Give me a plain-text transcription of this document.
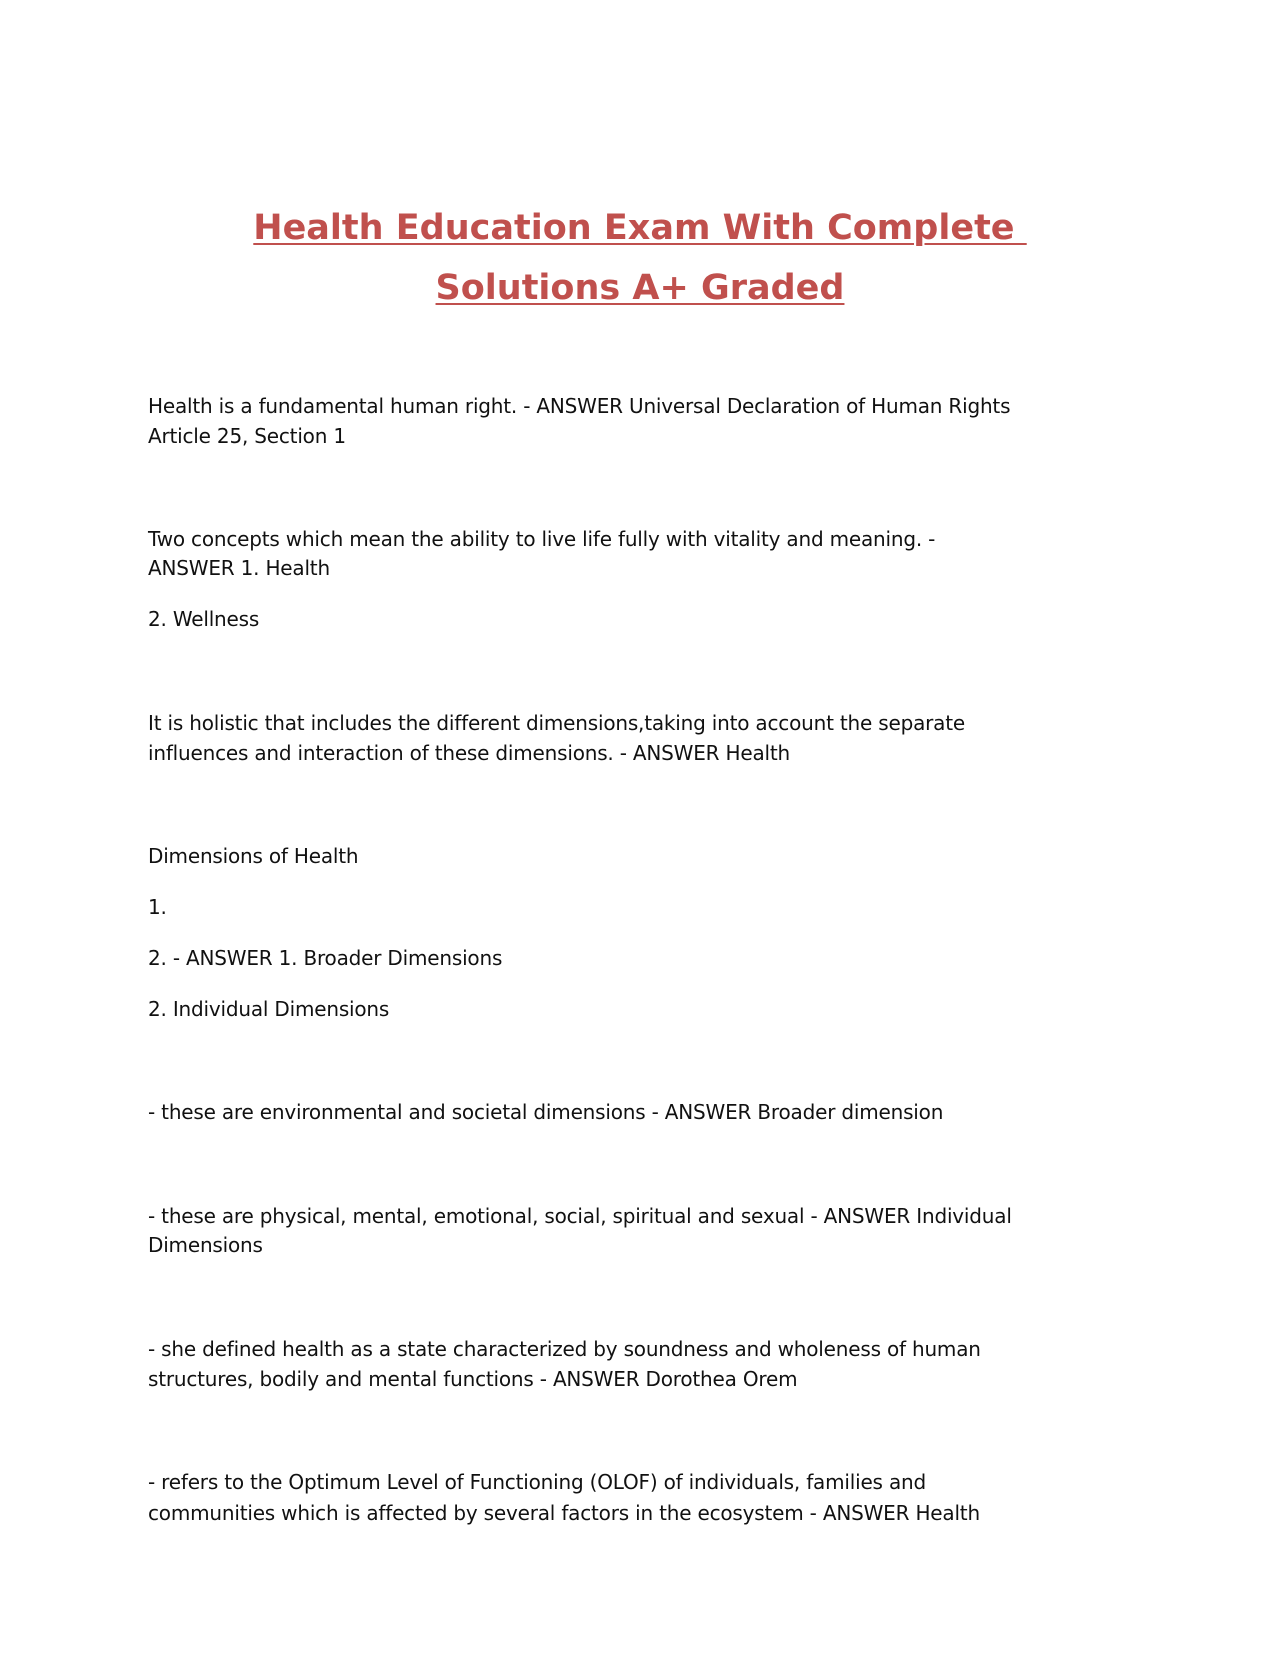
Health Education Exam With Complete
Solutions A+ Graded
Health is a fundamental human right. - ANSWER Universal Declaration of Human Rights
Article 25, Section 1
Two concepts which mean the ability to live life fully with vitality and meaning. -
ANSWER 1. Health
2. Wellness
It is holistic that includes the different dimensions,taking into account the separate
influences and interaction of these dimensions. - ANSWER Health
Dimensions of Health
1.
2. - ANSWER 1. Broader Dimensions
2. Individual Dimensions
- these are environmental and societal dimensions - ANSWER Broader dimension
- these are physical, mental, emotional, social, spiritual and sexual - ANSWER Individual
Dimensions
- she defined health as a state characterized by soundness and wholeness of human
structures, bodily and mental functions - ANSWER Dorothea Orem
- refers to the Optimum Level of Functioning (OLOF) of individuals, families and
communities which is affected by several factors in the ecosystem - ANSWER Health
